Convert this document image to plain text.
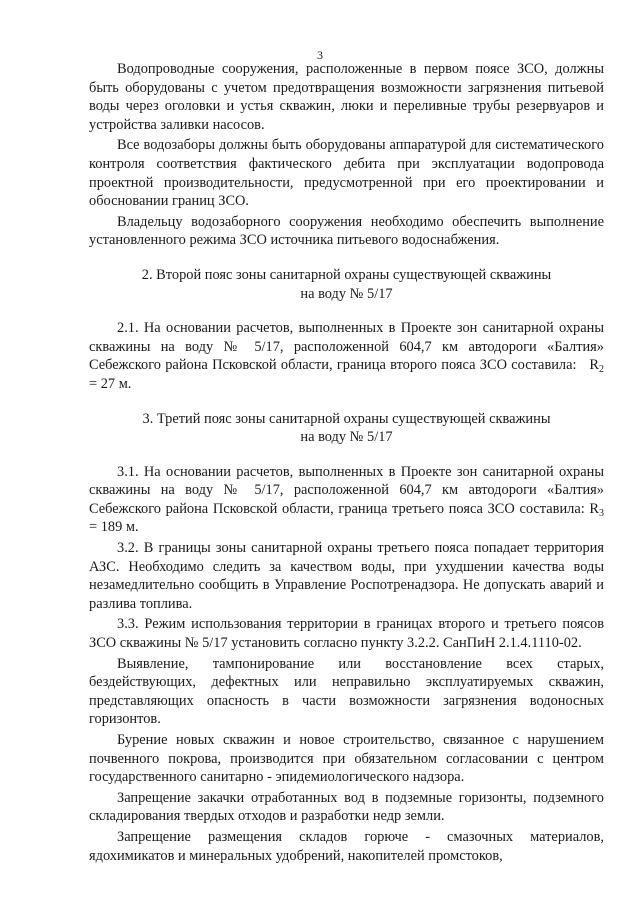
3

Водопроводные сооружения, расположенные в первом поясе ЗСО, должны быть оборудованы с учетом предотвращения возможности загрязнения питьевой воды через оголовки и устья скважин, люки и переливные трубы резервуаров и устройства заливки насосов.

Все водозаборы должны быть оборудованы аппаратурой для систематического контроля соответствия фактического дебита при эксплуатации водопровода проектной производительности, предусмотренной при его проектировании и обосновании границ ЗСО.

Владельцу водозаборного сооружения необходимо обеспечить выполнение установленного режима ЗСО источника питьевого водоснабжения.

2. Второй пояс зоны санитарной охраны существующей скважины
на воду № 5/17

2.1. На основании расчетов, выполненных в Проекте зон санитарной охраны скважины на воду № 5/17, расположенной 604,7 км автодороги «Балтия» Себежского района Псковской области, граница второго пояса ЗСО составила: $R_2 = 27$ м.

3. Третий пояс зоны санитарной охраны существующей скважины
на воду № 5/17

3.1. На основании расчетов, выполненных в Проекте зон санитарной охраны скважины на воду № 5/17, расположенной 604,7 км автодороги «Балтия» Себежского района Псковской области, граница третьего пояса ЗСО составила: $R_3 = 189$ м.

3.2. В границы зоны санитарной охраны третьего пояса попадает территория АЗС. Необходимо следить за качеством воды, при ухудшении качества воды незамедлительно сообщить в Управление Роспотренадзора. Не допускать аварий и разлива топлива.

3.3. Режим использования территории в границах второго и третьего поясов ЗСО скважины № 5/17 установить согласно пункту 3.2.2. СанПиН 2.1.4.1110-02.

Выявление, тампонирование или восстановление всех старых, бездействующих, дефектных или неправильно эксплуатируемых скважин, представляющих опасность в части возможности загрязнения водоносных горизонтов.

Бурение новых скважин и новое строительство, связанное с нарушением почвенного покрова, производится при обязательном согласовании с центром государственного санитарно - эпидемиологического надзора.

Запрещение закачки отработанных вод в подземные горизонты, подземного складирования твердых отходов и разработки недр земли.

Запрещение размещения складов горюче - смазочных материалов, ядохимикатов и минеральных удобрений, накопителей промстоков,
